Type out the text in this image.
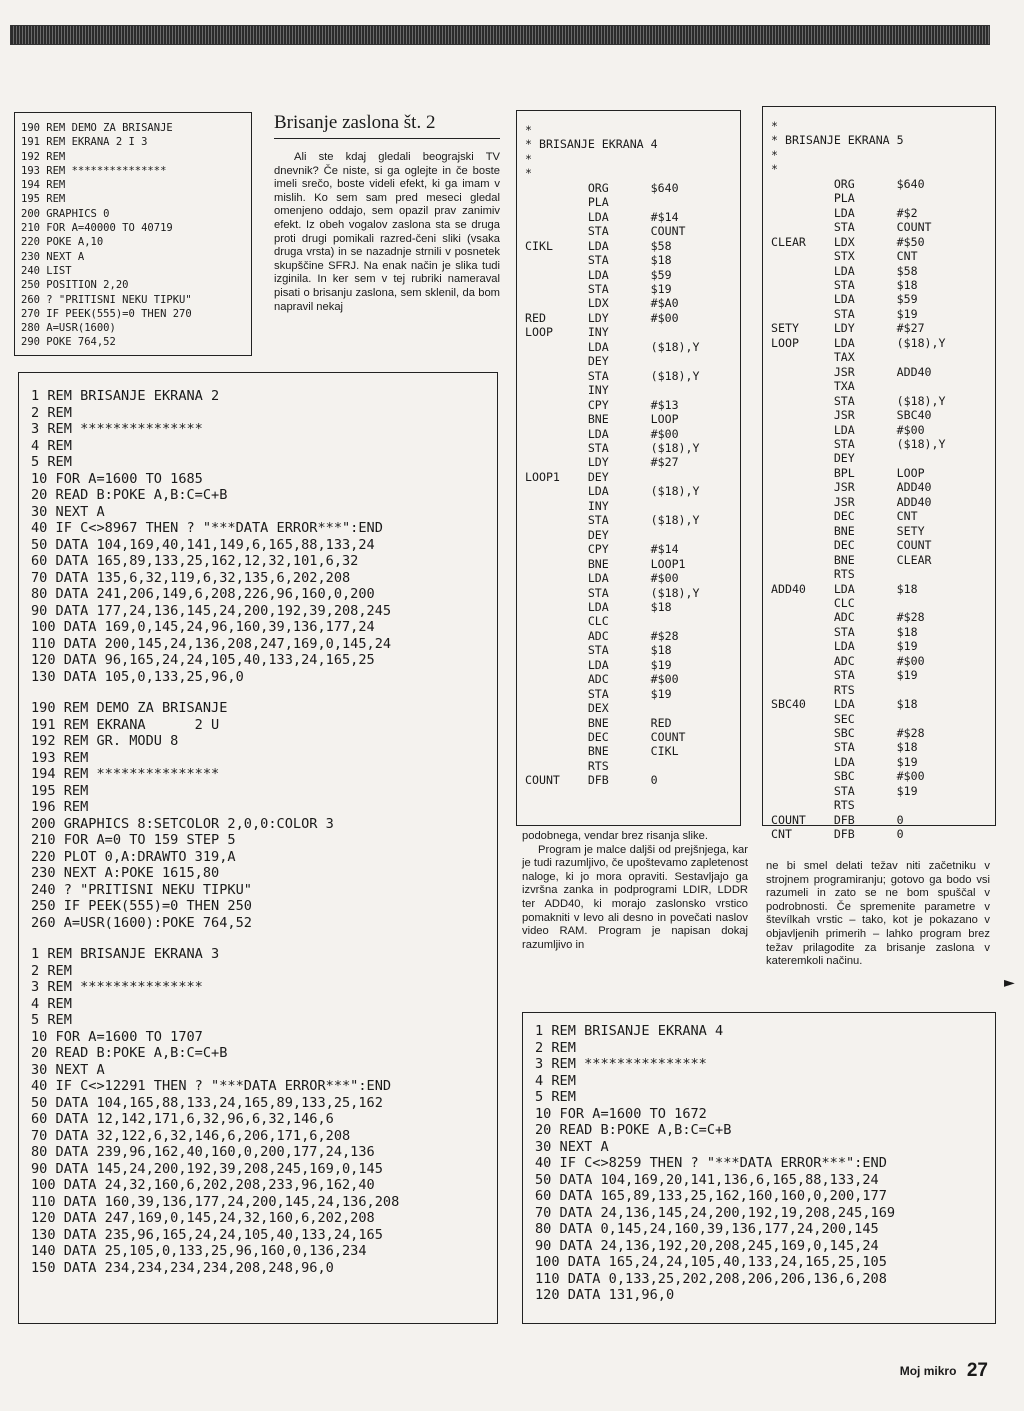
190 REM DEMO ZA BRISANJE
191 REM EKRANA 2 I 3
192 REM
193 REM ***************
194 REM
195 REM
200 GRAPHICS 0
210 FOR A=40000 TO 40719
220 POKE A,10
230 NEXT A
240 LIST
250 POSITION 2,20
260 ? "PRITISNI NEKU TIPKU"
270 IF PEEK(555)=0 THEN 270
280 A=USR(1600)
290 POKE 764,52
Brisanje zaslona št. 2

Ali ste kdaj gledali beograjski TV dnevnik? Če niste, si ga oglejte in če boste imeli srečo, boste videli efekt, ki ga imam v mislih. Ko sem sam pred meseci gledal omenjeno oddajo, sem opazil prav zanimiv efekt. Iz obeh vogalov zaslona sta se druga proti drugi pomikali razred-čeni sliki (vsaka druga vrsta) in se nazadnje strnili v posnetek skupščine SFRJ. Na enak način je slika tudi izginila. In ker sem v tej rubriki nameraval pisati o brisanju zaslona, sem sklenil, da bom napravil nekaj

*
* BRISANJE EKRANA 4
*
*
ORG      $640
PLA
LDA      #$14
STA      COUNT
CIKL     LDA      $58
STA      $18
LDA      $59
STA      $19
LDX      #$A0
RED      LDY      #$00
LOOP     INY
LDA      ($18),Y
DEY
STA      ($18),Y
INY
CPY      #$13
BNE      LOOP
LDA      #$00
STA      ($18),Y
LDY      #$27
LOOP1    DEY
LDA      ($18),Y
INY
STA      ($18),Y
DEY
CPY      #$14
BNE      LOOP1
LDA      #$00
STA      ($18),Y
LDA      $18
CLC
ADC      #$28
STA      $18
LDA      $19
ADC      #$00
STA      $19
DEX
BNE      RED
DEC      COUNT
BNE      CIKL
RTS
COUNT    DFB      0
*
* BRISANJE EKRANA 5
*
*
ORG      $640
PLA
LDA      #$2
STA      COUNT
CLEAR    LDX      #$50
STX      CNT
LDA      $58
STA      $18
LDA      $59
STA      $19
SETY     LDY      #$27
LOOP     LDA      ($18),Y
TAX
JSR      ADD40
TXA
STA      ($18),Y
JSR      SBC40
LDA      #$00
STA      ($18),Y
DEY
BPL      LOOP
JSR      ADD40
JSR      ADD40
DEC      CNT
BNE      SETY
DEC      COUNT
BNE      CLEAR
RTS
ADD40    LDA      $18
CLC
ADC      #$28
STA      $18
LDA      $19
ADC      #$00
STA      $19
RTS
SBC40    LDA      $18
SEC
SBC      #$28
STA      $18
LDA      $19
SBC      #$00
STA      $19
RTS
COUNT    DFB      0
CNT      DFB      0
1 REM BRISANJE EKRANA 2
2 REM
3 REM ***************
4 REM
5 REM
10 FOR A=1600 TO 1685
20 READ B:POKE A,B:C=C+B
30 NEXT A
40 IF C<>8967 THEN ? "***DATA ERROR***":END
50 DATA 104,169,40,141,149,6,165,88,133,24
60 DATA 165,89,133,25,162,12,32,101,6,32
70 DATA 135,6,32,119,6,32,135,6,202,208
80 DATA 241,206,149,6,208,226,96,160,0,200
90 DATA 177,24,136,145,24,200,192,39,208,245
100 DATA 169,0,145,24,96,160,39,136,177,24
110 DATA 200,145,24,136,208,247,169,0,145,24
120 DATA 96,165,24,24,105,40,133,24,165,25
130 DATA 105,0,133,25,96,0
190 REM DEMO ZA BRISANJE
191 REM EKRANA      2 U
192 REM GR. MODU 8
193 REM
194 REM ***************
195 REM
196 REM
200 GRAPHICS 8:SETCOLOR 2,0,0:COLOR 3
210 FOR A=0 TO 159 STEP 5
220 PLOT 0,A:DRAWTO 319,A
230 NEXT A:POKE 1615,80
240 ? "PRITISNI NEKU TIPKU"
250 IF PEEK(555)=0 THEN 250
260 A=USR(1600):POKE 764,52
1 REM BRISANJE EKRANA 3
2 REM
3 REM ***************
4 REM
5 REM
10 FOR A=1600 TO 1707
20 READ B:POKE A,B:C=C+B
30 NEXT A
40 IF C<>12291 THEN ? "***DATA ERROR***":END
50 DATA 104,165,88,133,24,165,89,133,25,162
60 DATA 12,142,171,6,32,96,6,32,146,6
70 DATA 32,122,6,32,146,6,206,171,6,208
80 DATA 239,96,162,40,160,0,200,177,24,136
90 DATA 145,24,200,192,39,208,245,169,0,145
100 DATA 24,32,160,6,202,208,233,96,162,40
110 DATA 160,39,136,177,24,200,145,24,136,208
120 DATA 247,169,0,145,24,32,160,6,202,208
130 DATA 235,96,165,24,24,105,40,133,24,165
140 DATA 25,105,0,133,25,96,160,0,136,234
150 DATA 234,234,234,234,208,248,96,0

podobnega, vendar brez risanja slike.

Program je malce daljši od prejšnjega, kar je tudi razumljivo, če upoštevamo zapletenost naloge, ki jo mora opraviti. Sestavljajo ga izvršna zanka in podprogrami LDIR, LDDR ter ADD40, ki morajo zaslonsko vrstico pomakniti v levo ali desno in povečati naslov video RAM. Program je napisan dokaj razumljivo in

ne bi smel delati težav niti začetniku v strojnem programiranju; gotovo ga bodo vsi razumeli in zato se ne bom spuščal v podrobnosti. Če spremenite parametre v števílkah vrstic – tako, kot je pokazano v objavljenih primerih – lahko program brez težav prilagodite za brisanje zaslona v kateremkoli načinu.
►
1 REM BRISANJE EKRANA 4
2 REM
3 REM ***************
4 REM
5 REM
10 FOR A=1600 TO 1672
20 READ B:POKE A,B:C=C+B
30 NEXT A
40 IF C<>8259 THEN ? "***DATA ERROR***":END
50 DATA 104,169,20,141,136,6,165,88,133,24
60 DATA 165,89,133,25,162,160,160,0,200,177
70 DATA 24,136,145,24,200,192,19,208,245,169
80 DATA 0,145,24,160,39,136,177,24,200,145
90 DATA 24,136,192,20,208,245,169,0,145,24
100 DATA 165,24,24,105,40,133,24,165,25,105
110 DATA 0,133,25,202,208,206,206,136,6,208
120 DATA 131,96,0
Moj mikro 27
